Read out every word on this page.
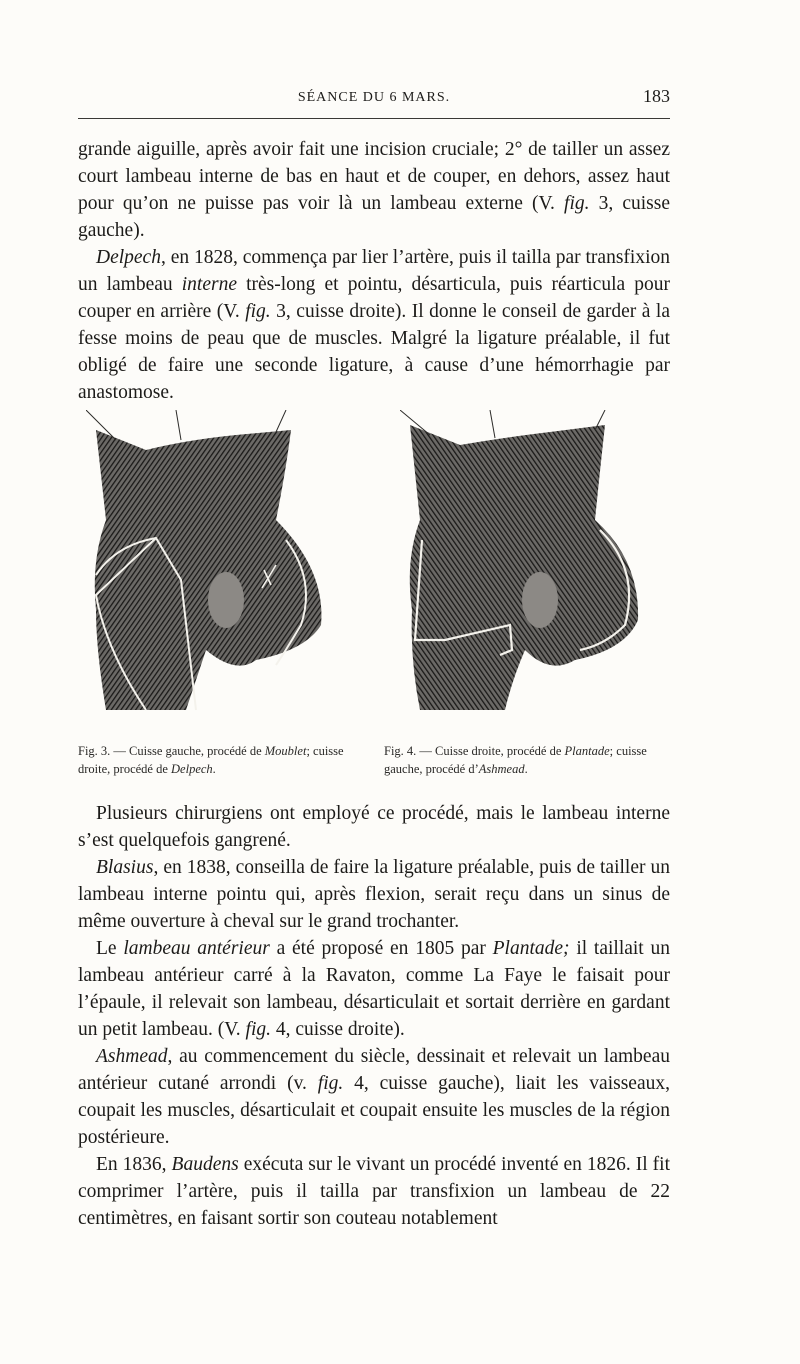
SÉANCE DU 6 MARS.	183

grande aiguille, après avoir fait une incision cruciale; 2° de tailler un assez court lambeau interne de bas en haut et de couper, en dehors, assez haut pour qu’on ne puisse pas voir là un lambeau externe (V. fig. 3, cuisse gauche).

Delpech, en 1828, commença par lier l’artère, puis il tailla par transfixion un lambeau interne très-long et pointu, désarticula, puis réarticula pour couper en arrière (V. fig. 3, cuisse droite). Il donne le conseil de garder à la fesse moins de peau que de muscles. Malgré la ligature préalable, il fut obligé de faire une seconde ligature, à cause d’une hémorrhagie par anastomose.

Fig. 3. — Cuisse gauche, procédé de Moublet; cuisse droite, procédé de Delpech.
Fig. 4. — Cuisse droite, procédé de Plantade; cuisse gauche, procédé d’Ashmead.

Plusieurs chirurgiens ont employé ce procédé, mais le lambeau interne s’est quelquefois gangrené.

Blasius, en 1838, conseilla de faire la ligature préalable, puis de tailler un lambeau interne pointu qui, après flexion, serait reçu dans un sinus de même ouverture à cheval sur le grand trochanter.

Le lambeau antérieur a été proposé en 1805 par Plantade; il taillait un lambeau antérieur carré à la Ravaton, comme La Faye le faisait pour l’épaule, il relevait son lambeau, désarticulait et sortait derrière en gardant un petit lambeau. (V. fig. 4, cuisse droite).

Ashmead, au commencement du siècle, dessinait et relevait un lambeau antérieur cutané arrondi (v. fig. 4, cuisse gauche), liait les vaisseaux, coupait les muscles, désarticulait et coupait ensuite les muscles de la région postérieure.

En 1836, Baudens exécuta sur le vivant un procédé inventé en 1826. Il fit comprimer l’artère, puis il tailla par transfixion un lambeau de 22 centimètres, en faisant sortir son couteau notablement
